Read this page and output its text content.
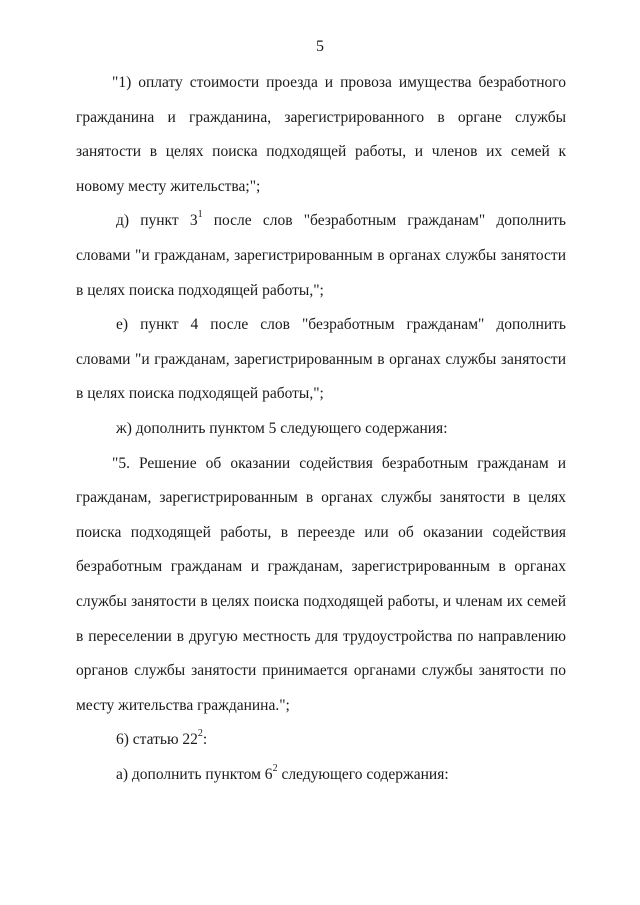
5

"1) оплату стоимости проезда и провоза имущества безработного гражданина и гражданина, зарегистрированного в органе службы занятости в целях поиска подходящей работы, и членов их семей к новому месту жительства;";

д) пункт $3^1$ после слов "безработным гражданам" дополнить словами "и гражданам, зарегистрированным в органах службы занятости в целях поиска подходящей работы,";

е) пункт 4 после слов "безработным гражданам" дополнить словами "и гражданам, зарегистрированным в органах службы занятости в целях поиска подходящей работы,";

ж) дополнить пунктом 5 следующего содержания:

"5. Решение об оказании содействия безработным гражданам и гражданам, зарегистрированным в органах службы занятости в целях поиска подходящей работы, в переезде или об оказании содействия безработным гражданам и гражданам, зарегистрированным в органах службы занятости в целях поиска подходящей работы, и членам их семей в переселении в другую местность для трудоустройства по направлению органов службы занятости принимается органами службы занятости по месту жительства гражданина.";

6) статью $22^2$:

а) дополнить пунктом $6^2$ следующего содержания:
